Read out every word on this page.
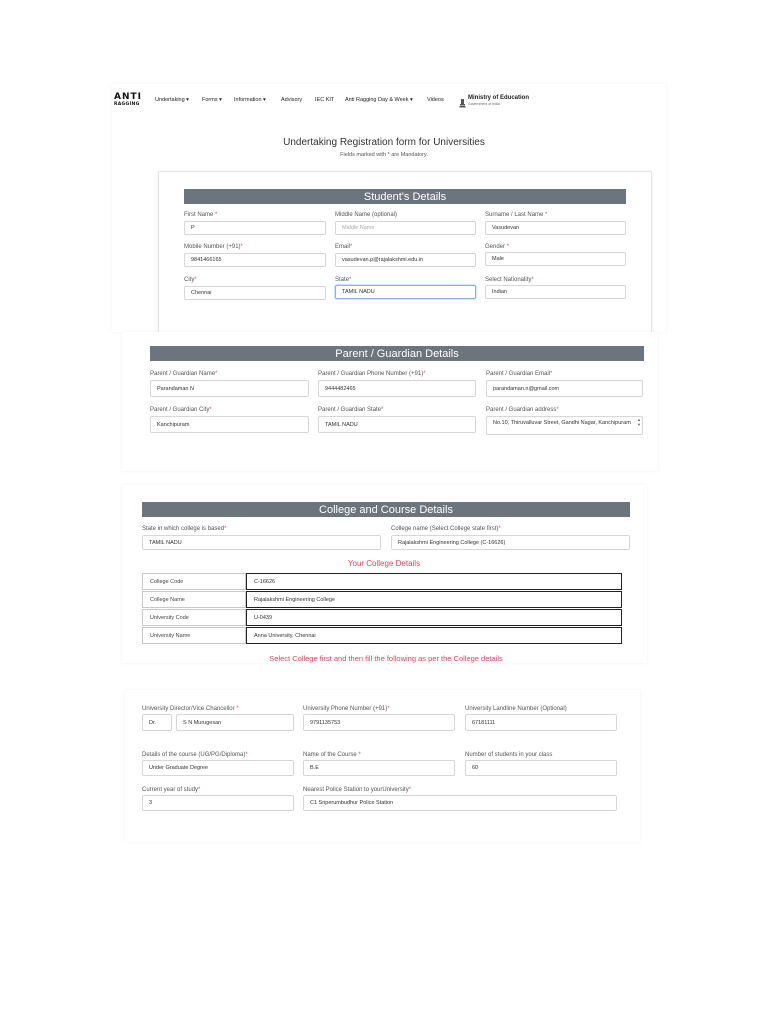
ANTI
RAGGING
Undertaking ▾ Forms ▾ Information ▾	Advisory IEC KIT Anti Ragging Day & Week ▾	Videos	Ministry of Education
Government of India
Undertaking Registration form for Universities
Fields marked with * are Mandatory.
Student's Details
First Name *
P
Middle Name (optional)
Middle Name
Surname / Last Name *
Vasudevan
Mobile Number (+91)*
9841466165
Email*
vasudevan.p@rajalakshmi.edu.in
Gender *
Male
City*
Chennai
State*
TAMIL NADU
Select Nationality*
Indian
Parent / Guardian Details
Parent / Guardian Name*
Parandaman N
Parent / Guardian Phone Number (+91)*
9444482465
Parent / Guardian Email*
parandaman.n@gmail.com
Parent / Guardian City*
Kanchipuram
Parent / Guardian State*
TAMIL NADU
Parent / Guardian address*
No.10, Thiruvalluvar Street, Gandhi Nagar, Kanchipuram
▲
▼
College and Course Details
State in which college is based*
TAMIL NADU
College name (Select College state first)*
Rajalakshmi Engineering College (C-16626)
Your College Details
College Code	C-16626
College Name	Rajalakshmi Engineering College
University Code	U-0439
University Name	Anna University, Chennai
Select College first and then fill the following as per the College details
University Director/Vice Chancellor *
Dr.	S N Murugesan
University Phone Number (+91)*
9791135753
University Landline Number (Optional)
67181111
Details of the course (UG/PG/Diploma)*
Under Graduate Degree
Name of the Course *
B.E
Number of students in your class
60
Current year of study*
3
Nearest Police Station to yourUniversity*
C1 Sriperumbudhur Police Station
